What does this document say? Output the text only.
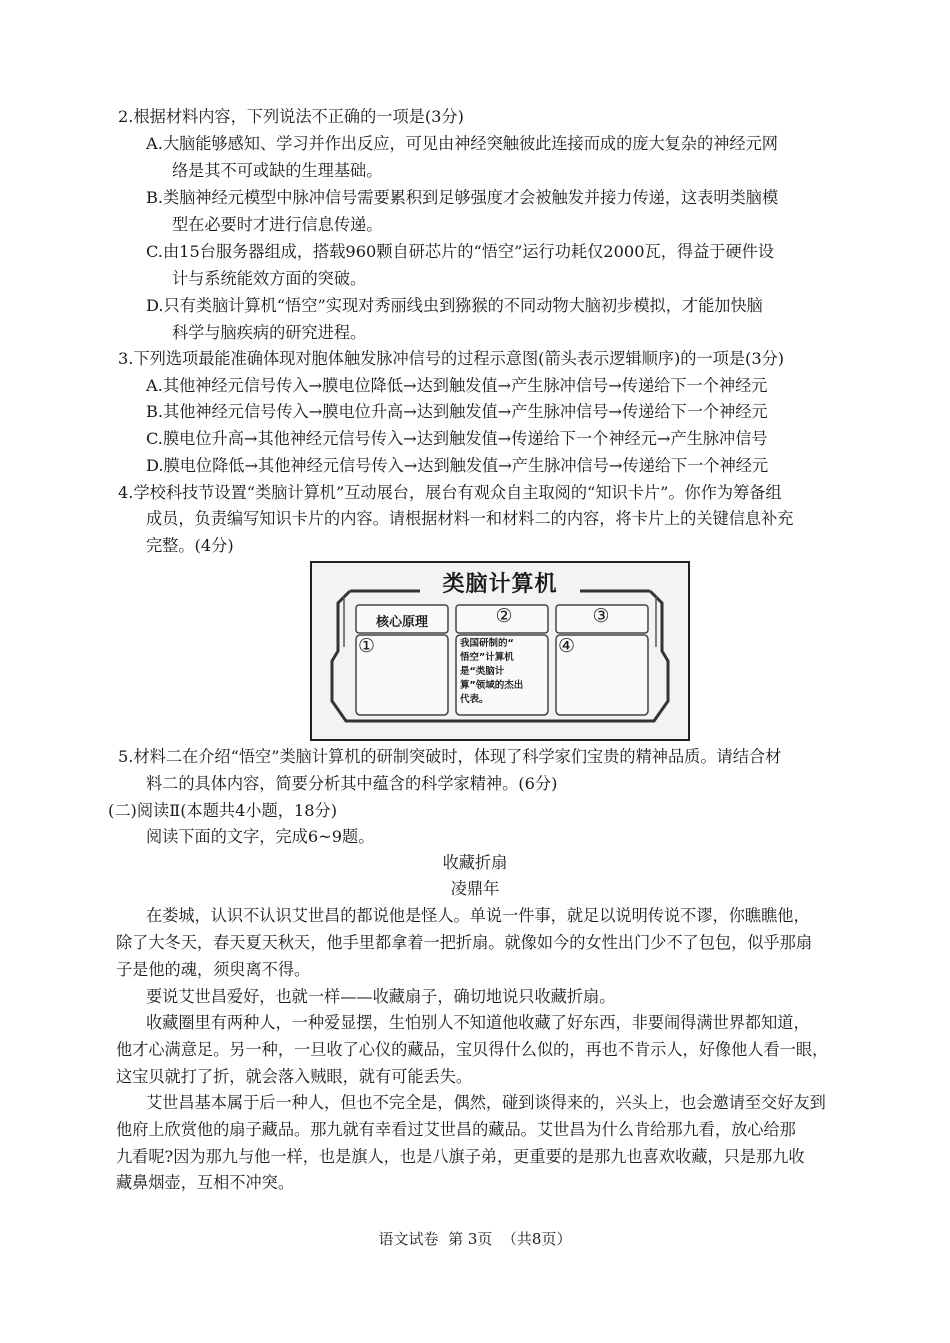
2.根据材料内容，下列说法不正确的一项是(3分)
A.大脑能够感知、学习并作出反应，可见由神经突触彼此连接而成的庞大复杂的神经元网
络是其不可或缺的生理基础。
B.类脑神经元模型中脉冲信号需要累积到足够强度才会被触发并接力传递，这表明类脑模
型在必要时才进行信息传递。
C.由15台服务器组成，搭载960颗自研芯片的“悟空”运行功耗仅2000瓦，得益于硬件设
计与系统能效方面的突破。
D.只有类脑计算机“悟空”实现对秀丽线虫到猕猴的不同动物大脑初步模拟，才能加快脑
科学与脑疾病的研究进程。
3.下列选项最能准确体现对胞体触发脉冲信号的过程示意图(箭头表示逻辑顺序)的一项是(3分)
A.其他神经元信号传入→膜电位降低→达到触发值→产生脉冲信号→传递给下一个神经元
B.其他神经元信号传入→膜电位升高→达到触发值→产生脉冲信号→传递给下一个神经元
C.膜电位升高→其他神经元信号传入→达到触发值→传递给下一个神经元→产生脉冲信号
D.膜电位降低→其他神经元信号传入→达到触发值→产生脉冲信号→传递给下一个神经元
4.学校科技节设置“类脑计算机”互动展台，展台有观众自主取阅的“知识卡片”。你作为筹备组
成员，负责编写知识卡片的内容。请根据材料一和材料二的内容，将卡片上的关键信息补充
完整。(4分)
类脑计算机
核心原理	②	③
①	④
我国研制的“
悟空”计算机
是“类脑计
算”领域的杰出
代表。
5.材料二在介绍“悟空”类脑计算机的研制突破时，体现了科学家们宝贵的精神品质。请结合材
料二的具体内容，简要分析其中蕴含的科学家精神。(6分)
(二)阅读Ⅱ(本题共4小题，18分)
阅读下面的文字，完成6~9题。
收藏折扇
凌鼎年
在娄城，认识不认识艾世昌的都说他是怪人。单说一件事，就足以说明传说不谬，你瞧瞧他，
除了大冬天，春天夏天秋天，他手里都拿着一把折扇。就像如今的女性出门少不了包包，似乎那扇
子是他的魂，须臾离不得。
要说艾世昌爱好，也就一样——收藏扇子，确切地说只收藏折扇。
收藏圈里有两种人，一种爱显摆，生怕别人不知道他收藏了好东西，非要闹得满世界都知道，
他才心满意足。另一种，一旦收了心仪的藏品，宝贝得什么似的，再也不肯示人，好像他人看一眼，
这宝贝就打了折，就会落入贼眼，就有可能丢失。
艾世昌基本属于后一种人，但也不完全是，偶然，碰到谈得来的，兴头上，也会邀请至交好友到
他府上欣赏他的扇子藏品。那九就有幸看过艾世昌的藏品。艾世昌为什么肯给那九看，放心给那
九看呢?因为那九与他一样，也是旗人，也是八旗子弟，更重要的是那九也喜欢收藏，只是那九收
藏鼻烟壶，互相不冲突。
语文试卷  第 3页  （共8页）
